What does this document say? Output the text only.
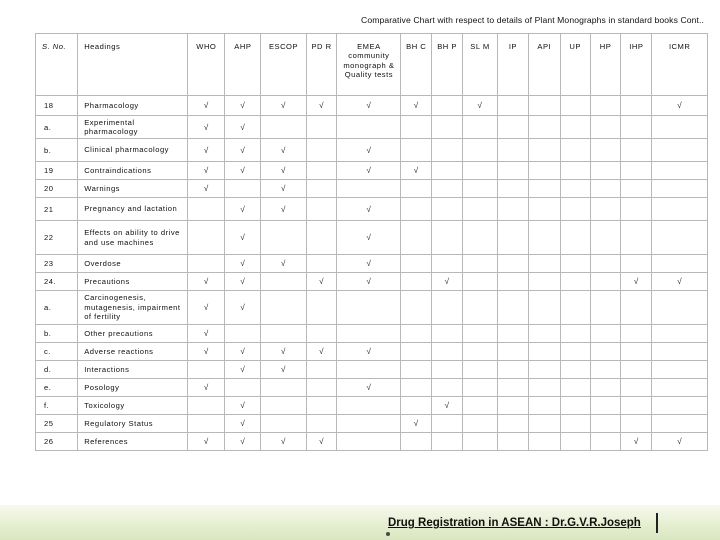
Comparative Chart with respect to details of Plant Monographs in standard books Cont..
S. No.	Headings	WHO	AHP	ESCOP	PD R	EMEA community monograph & Quality tests	BH C	BH P	SL M	IP	API	UP	HP	IHP	ICMR
18	Pharmacology	√	√	√	√	√	√		√						√
a.	Experimental pharmacology	√	√												
b.	Clinical pharmacology	√	√	√		√									
19	Contraindications	√	√	√		√	√								
20	Warnings	√		√											
21	Pregnancy and lactation		√	√		√									
22	Effects on ability to drive and use machines		√			√									
23	Overdose		√	√		√									
24.	Precautions	√	√		√	√		√						√	√
a.	Carcinogenesis, mutagenesis, impairment of fertility	√	√												
b.	Other precautions	√													
c.	Adverse reactions	√	√	√	√	√									
d.	Interactions		√	√											
e.	Posology	√				√									
f.	Toxicology		√					√							
25	Regulatory Status		√				√								
26	References	√	√	√	√									√	√
Drug Registration in ASEAN : Dr.G.V.R.Joseph
